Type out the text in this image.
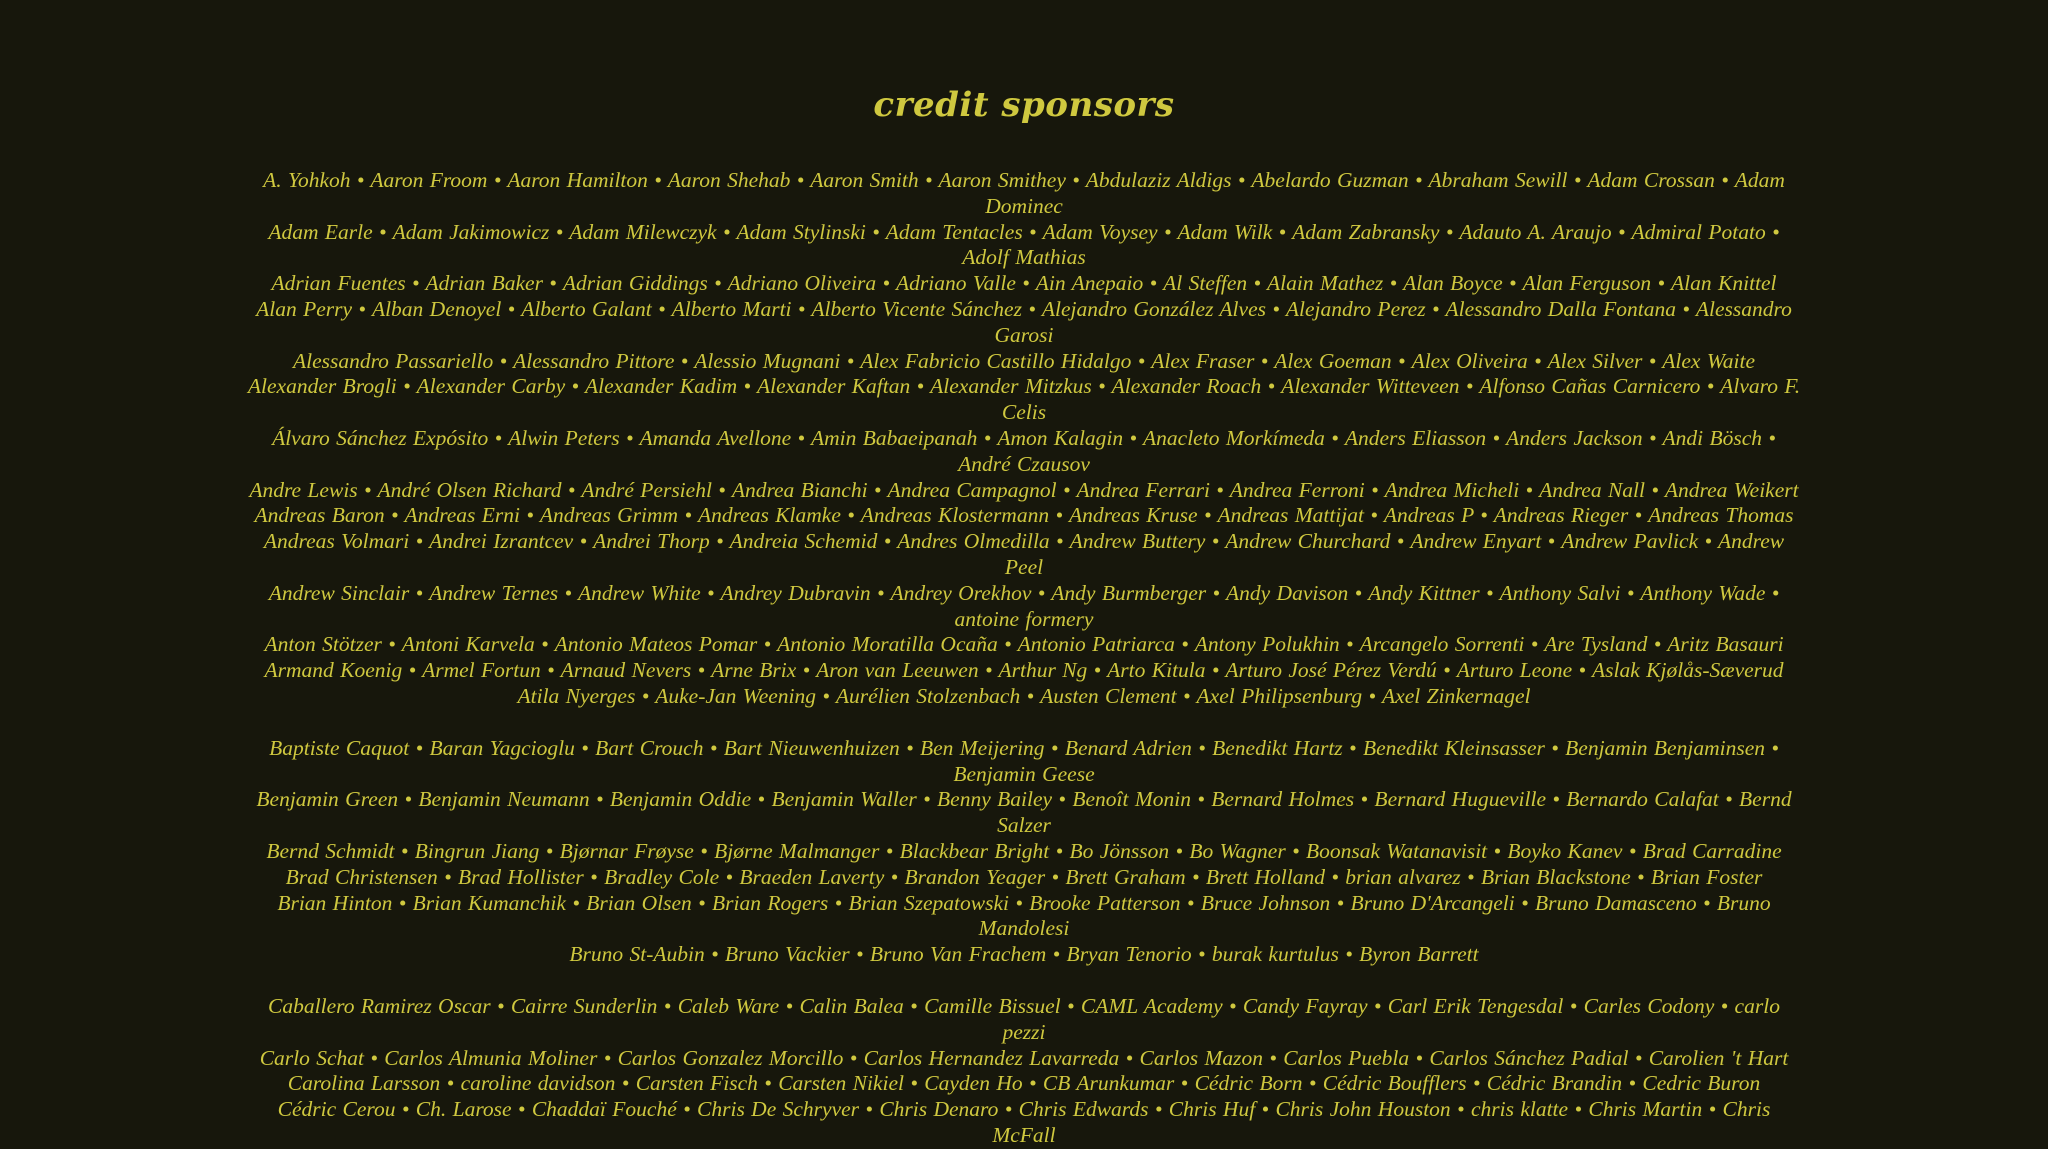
credit sponsors
A. Yohkoh • Aaron Froom • Aaron Hamilton • Aaron Shehab • Aaron Smith • Aaron Smithey • Abdulaziz Aldigs • Abelardo Guzman • Abraham Sewill • Adam Crossan • Adam Dominec
Adam Earle • Adam Jakimowicz • Adam Milewczyk • Adam Stylinski • Adam Tentacles • Adam Voysey • Adam Wilk • Adam Zabransky • Adauto A. Araujo • Admiral Potato • Adolf Mathias
Adrian Fuentes • Adrian Baker • Adrian Giddings • Adriano Oliveira • Adriano Valle • Ain Anepaio • Al Steffen • Alain Mathez • Alan Boyce • Alan Ferguson • Alan Knittel
Alan Perry • Alban Denoyel • Alberto Galant • Alberto Marti • Alberto Vicente Sánchez • Alejandro González Alves • Alejandro Perez • Alessandro Dalla Fontana • Alessandro Garosi
Alessandro Passariello • Alessandro Pittore • Alessio Mugnani • Alex Fabricio Castillo Hidalgo • Alex Fraser • Alex Goeman • Alex Oliveira • Alex Silver • Alex Waite
Alexander Brogli • Alexander Carby • Alexander Kadim • Alexander Kaftan • Alexander Mitzkus • Alexander Roach • Alexander Witteveen • Alfonso Cañas Carnicero • Alvaro F. Celis
Álvaro Sánchez Expósito • Alwin Peters • Amanda Avellone • Amin Babaeipanah • Amon Kalagin • Anacleto Morkímeda • Anders Eliasson • Anders Jackson • Andi Bösch • André Czausov
Andre Lewis • André Olsen Richard • André Persiehl • Andrea Bianchi • Andrea Campagnol • Andrea Ferrari • Andrea Ferroni • Andrea Micheli • Andrea Nall • Andrea Weikert
Andreas Baron • Andreas Erni • Andreas Grimm • Andreas Klamke • Andreas Klostermann • Andreas Kruse • Andreas Mattijat • Andreas P • Andreas Rieger • Andreas Thomas
Andreas Volmari • Andrei Izrantcev • Andrei Thorp • Andreia Schemid • Andres Olmedilla • Andrew Buttery • Andrew Churchard • Andrew Enyart • Andrew Pavlick • Andrew Peel
Andrew Sinclair • Andrew Ternes • Andrew White • Andrey Dubravin • Andrey Orekhov • Andy Burmberger • Andy Davison • Andy Kittner • Anthony Salvi • Anthony Wade • antoine formery
Anton Stötzer • Antoni Karvela • Antonio Mateos Pomar • Antonio Moratilla Ocaña • Antonio Patriarca • Antony Polukhin • Arcangelo Sorrenti • Are Tysland • Aritz Basauri
Armand Koenig • Armel Fortun • Arnaud Nevers • Arne Brix • Aron van Leeuwen • Arthur Ng • Arto Kitula • Arturo José Pérez Verdú • Arturo Leone • Aslak Kjølås-Sæverud
Atila Nyerges • Auke-Jan Weening • Aurélien Stolzenbach • Austen Clement • Axel Philipsenburg • Axel Zinkernagel
Baptiste Caquot • Baran Yagcioglu • Bart Crouch • Bart Nieuwenhuizen • Ben Meijering • Benard Adrien • Benedikt Hartz • Benedikt Kleinsasser • Benjamin Benjaminsen • Benjamin Geese
Benjamin Green • Benjamin Neumann • Benjamin Oddie • Benjamin Waller • Benny Bailey • Benoît Monin • Bernard Holmes • Bernard Hugueville • Bernardo Calafat • Bernd Salzer
Bernd Schmidt • Bingrun Jiang • Bjørnar Frøyse • Bjørne Malmanger • Blackbear Bright • Bo Jönsson • Bo Wagner • Boonsak Watanavisit • Boyko Kanev • Brad Carradine
Brad Christensen • Brad Hollister • Bradley Cole • Braeden Laverty • Brandon Yeager • Brett Graham • Brett Holland • brian alvarez • Brian Blackstone • Brian Foster
Brian Hinton • Brian Kumanchik • Brian Olsen • Brian Rogers • Brian Szepatowski • Brooke Patterson • Bruce Johnson • Bruno D'Arcangeli • Bruno Damasceno • Bruno Mandolesi
Bruno St-Aubin • Bruno Vackier • Bruno Van Frachem • Bryan Tenorio • burak kurtulus • Byron Barrett
Caballero Ramirez Oscar • Cairre Sunderlin • Caleb Ware • Calin Balea • Camille Bissuel • CAML Academy • Candy Fayray • Carl Erik Tengesdal • Carles Codony • carlo pezzi
Carlo Schat • Carlos Almunia Moliner • Carlos Gonzalez Morcillo • Carlos Hernandez Lavarreda • Carlos Mazon • Carlos Puebla • Carlos Sánchez Padial • Carolien 't Hart
Carolina Larsson • caroline davidson • Carsten Fisch • Carsten Nikiel • Cayden Ho • CB Arunkumar • Cédric Born • Cédric Boufflers • Cédric Brandin • Cedric Buron
Cédric Cerou • Ch. Larose • Chaddaï Fouché • Chris De Schryver • Chris Denaro • Chris Edwards • Chris Huf • Chris John Houston • chris klatte • Chris Martin • Chris McFall
